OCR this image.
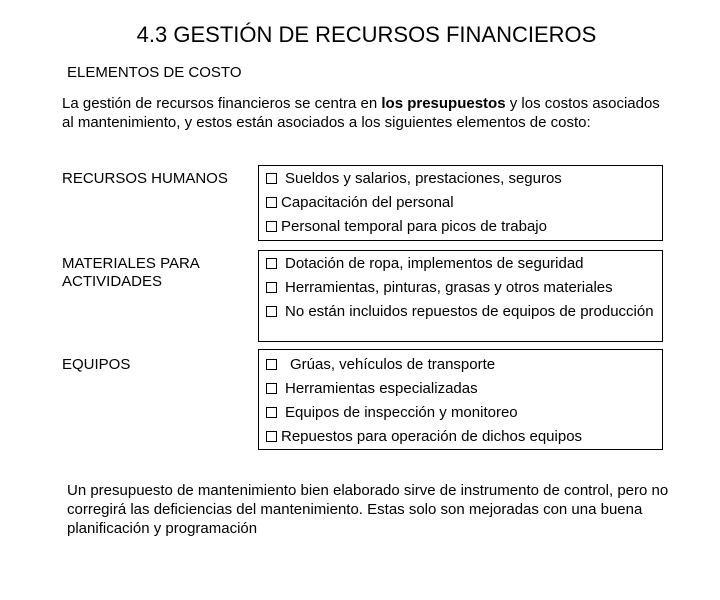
4.3 GESTIÓN DE RECURSOS FINANCIEROS
ELEMENTOS DE COSTO
La gestión de recursos financieros se centra en los presupuestos y los costos asociados al mantenimiento, y estos están asociados a los siguientes elementos de costo:
RECURSOS HUMANOS	Sueldos y salarios, prestaciones, seguros
Capacitación del personal
Personal temporal para picos de trabajo
MATERIALES PARA ACTIVIDADES
Dotación de ropa, implementos de seguridad
Herramientas, pinturas, grasas y otros materiales
No están incluidos repuestos de equipos de producción
EQUIPOS	Grúas, vehículos de transporte
Herramientas especializadas
Equipos de inspección y monitoreo
Repuestos para operación de dichos equipos
Un presupuesto de mantenimiento bien elaborado sirve de instrumento de control, pero no corregirá las deficiencias del mantenimiento. Estas solo son mejoradas con una buena planificación y programación
